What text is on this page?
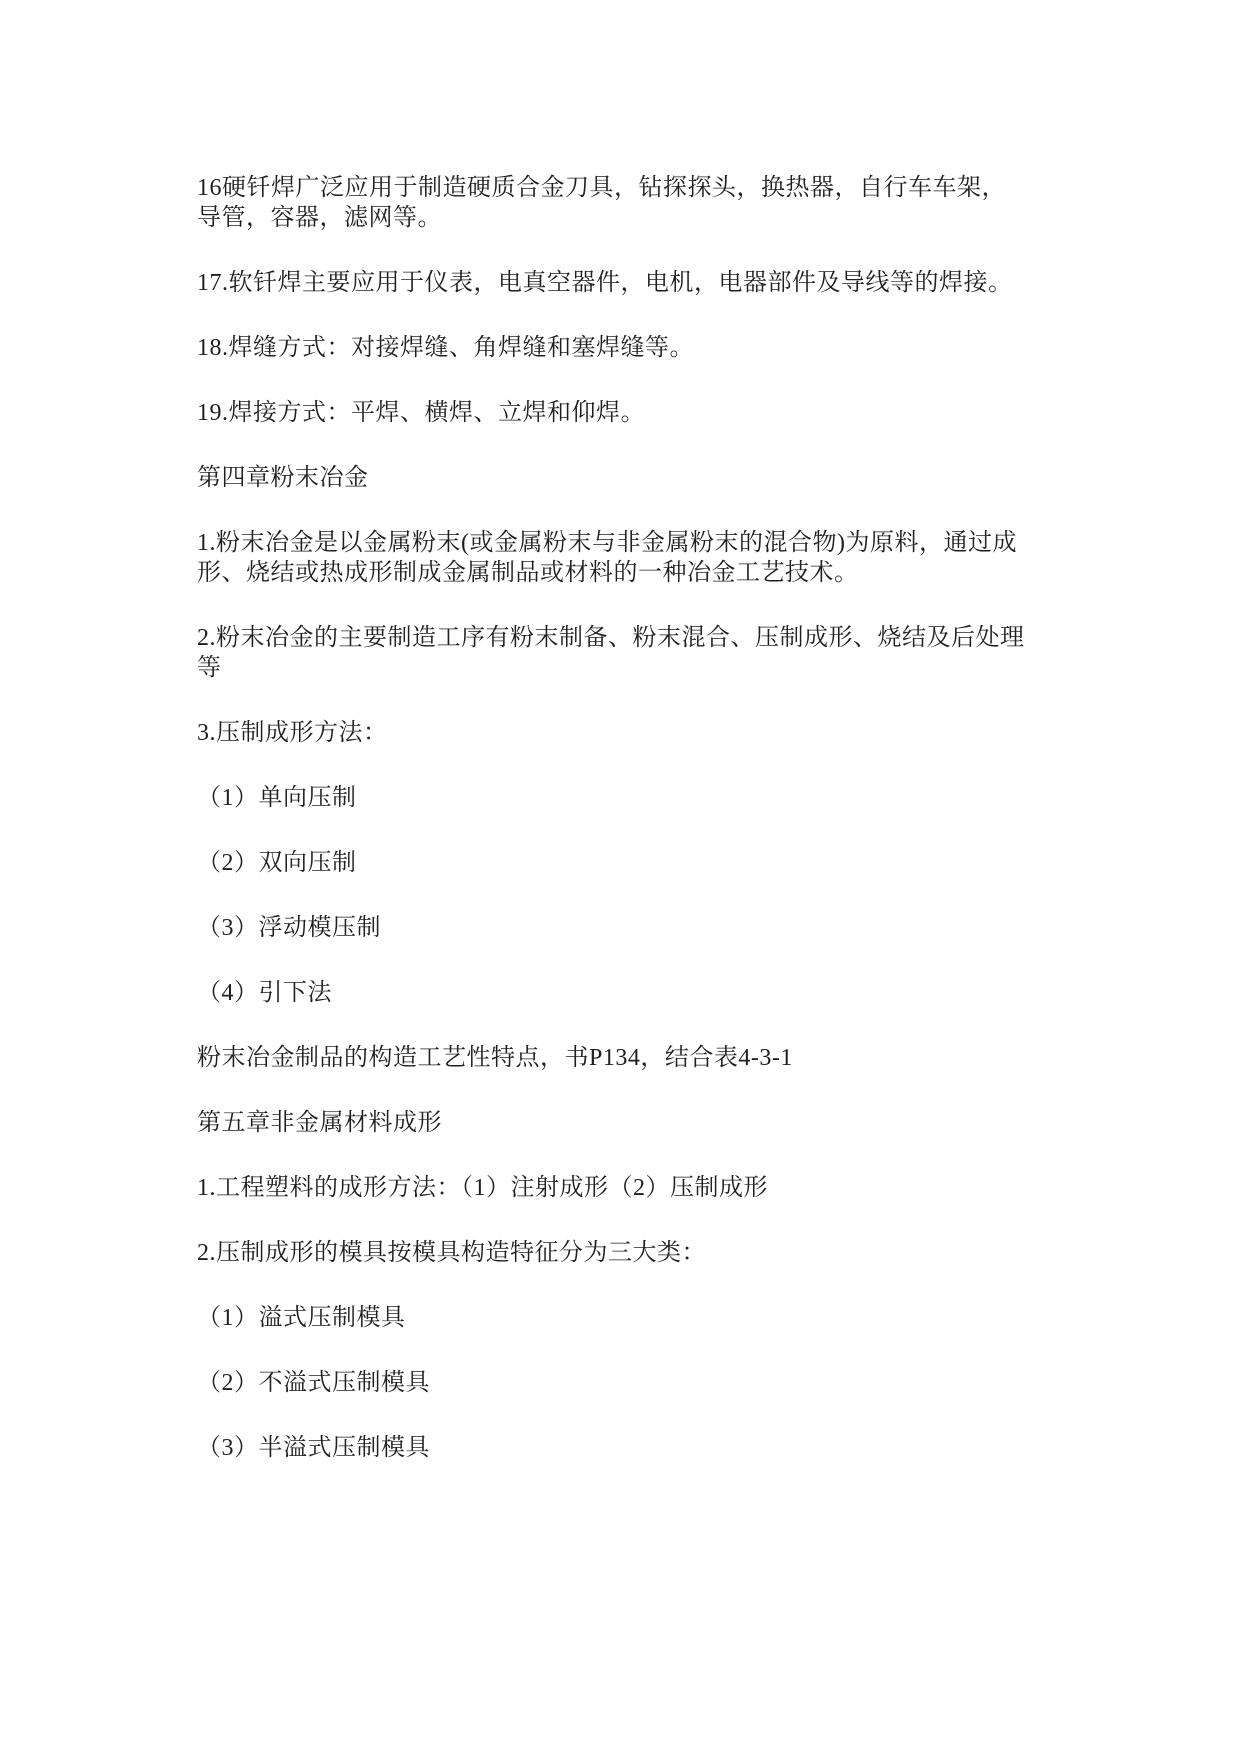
16硬钎焊广泛应用于制造硬质合金刀具，钻探探头，换热器，自行车车架，
导管，容器，滤网等。
17.软钎焊主要应用于仪表，电真空器件，电机，电器部件及导线等的焊接。
18.焊缝方式：对接焊缝、角焊缝和塞焊缝等。
19.焊接方式：平焊、横焊、立焊和仰焊。
第四章粉末冶金
1.粉末冶金是以金属粉末(或金属粉末与非金属粉末的混合物)为原料，通过成
形、烧结或热成形制成金属制品或材料的一种冶金工艺技术。
2.粉末冶金的主要制造工序有粉末制备、粉末混合、压制成形、烧结及后处理
等
3.压制成形方法：
（1）单向压制
（2）双向压制
（3）浮动模压制
（4）引下法
粉末冶金制品的构造工艺性特点，书P134，结合表4-3-1
第五章非金属材料成形
1.工程塑料的成形方法：（1）注射成形（2）压制成形
2.压制成形的模具按模具构造特征分为三大类：
（1）溢式压制模具
（2）不溢式压制模具
（3）半溢式压制模具
